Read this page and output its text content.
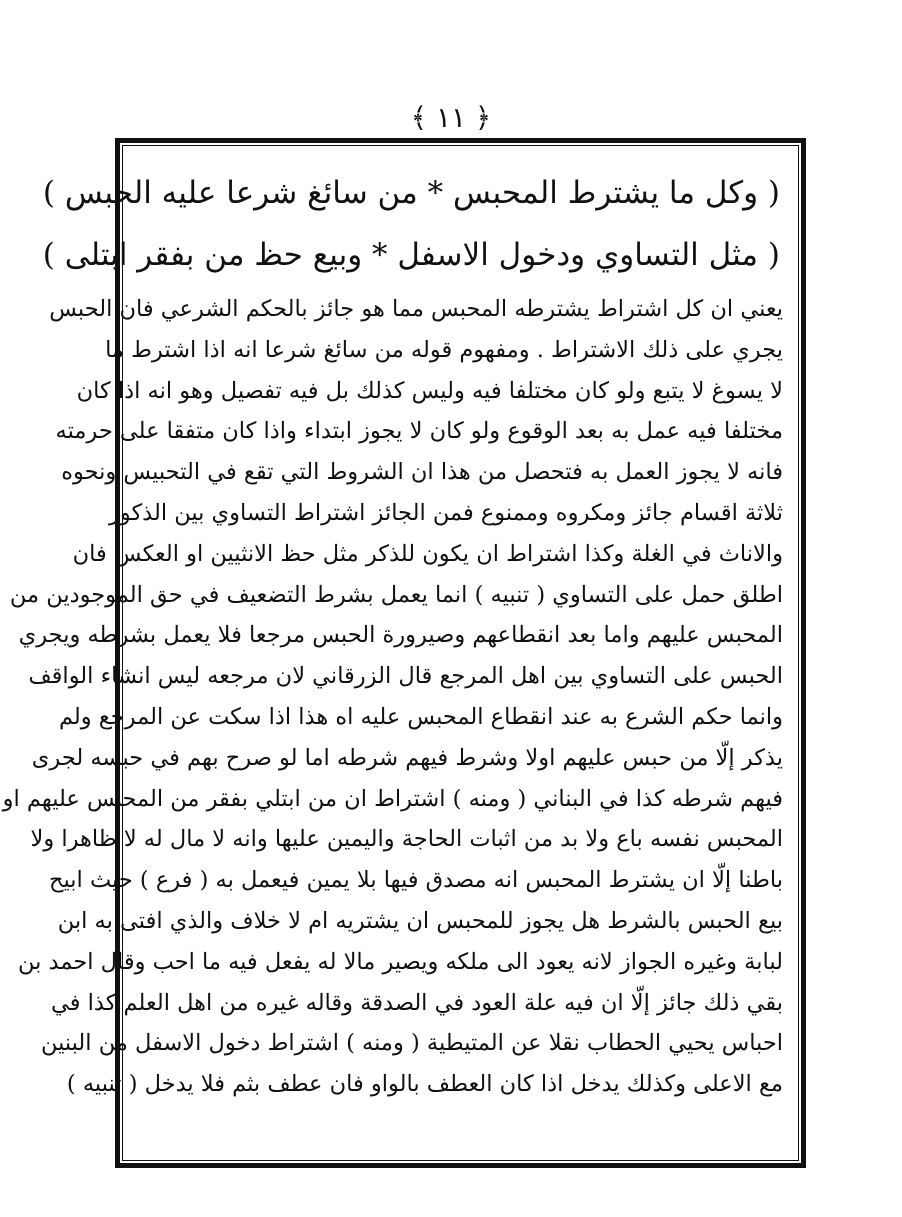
﴿ ١١ ﴾
( وكل ما يشترط المحبس * من سائغ شرعا عليه الحبس )
( مثل التساوي ودخول الاسفل * وبيع حظ من بفقر ابتلى )
يعني ان كل اشتراط يشترطه المحبس مما هو جائز بالحكم الشرعي فان الحبس
يجري على ذلك الاشتراط . ومفهوم قوله من سائغ شرعا انه اذا اشترط ما
لا يسوغ لا يتبع ولو كان مختلفا فيه وليس كذلك بل فيه تفصيل وهو انه اذا كان
مختلفا فيه عمل به بعد الوقوع ولو كان لا يجوز ابتداء واذا كان متفقا على حرمته
فانه لا يجوز العمل به فتحصل من هذا ان الشروط التي تقع في التحبيس ونحوه
ثلاثة اقسام جائز ومكروه وممنوع فمن الجائز اشتراط التساوي بين الذكور
والاناث في الغلة وكذا اشتراط ان يكون للذكر مثل حظ الانثيين او العكس فان
اطلق حمل على التساوي ( تنبيه ) انما يعمل بشرط التضعيف في حق الموجودين من
المحبس عليهم واما بعد انقطاعهم وصيرورة الحبس مرجعا فلا يعمل بشرطه ويجري
الحبس على التساوي بين اهل المرجع قال الزرقاني لان مرجعه ليس انشاء الواقف
وانما حكم الشرع به عند انقطاع المحبس عليه اه هذا اذا سكت عن المرجع ولم
يذكر إلّا من حبس عليهم اولا وشرط فيهم شرطه اما لو صرح بهم في حبسه لجرى
فيهم شرطه كذا في البناني ( ومنه ) اشتراط ان من ابتلي بفقر من المحبس عليهم او
المحبس نفسه باع ولا بد من اثبات الحاجة واليمين عليها وانه لا مال له لا ظاهرا ولا
باطنا إلّا ان يشترط المحبس انه مصدق فيها بلا يمين فيعمل به ( فرع ) حيث ابيح
بيع الحبس بالشرط هل يجوز للمحبس ان يشتريه ام لا خلاف والذي افتى به ابن
لبابة وغيره الجواز لانه يعود الى ملكه ويصير مالا له يفعل فيه ما احب وقال احمد بن
بقي ذلك جائز إلّا ان فيه علة العود في الصدقة وقاله غيره من اهل العلم كذا في
احباس يحيي الحطاب نقلا عن المتيطية ( ومنه ) اشتراط دخول الاسفل من البنين
مع الاعلى وكذلك يدخل اذا كان العطف بالواو فان عطف بثم فلا يدخل ( تنبيه )
